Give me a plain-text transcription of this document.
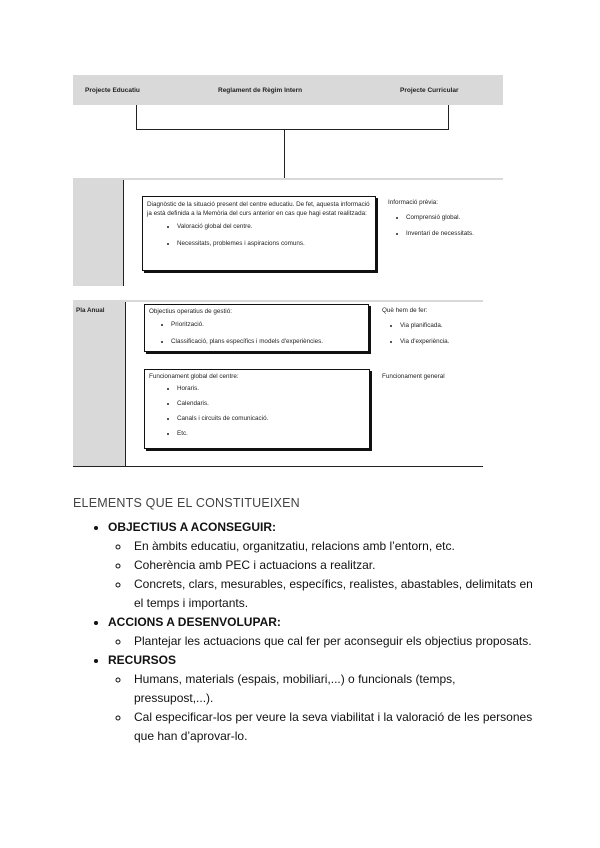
Projecte Educatiu	Reglament de Règim Intern	Projecte Curricular
Diagnòstic de la situació present del centre educatiu. De fet, aquesta informació ja està definida a la Memòria del curs anterior en cas que hagi estat realitzada:
• Valoració global del centre.
• Necessitats, problemes i aspiracions comuns.
Informació prèvia:
• Comprensió global.
• Inventari de necessitats.
Pla Anual	Objectius operatius de gestió:
• Priorització.
• Classificació, plans específics i models d'experiències.
Què hem de fer:
• Via planificada.
• Via d'experiència.
Funcionament global del centre:
• Horaris.
• Calendaris.
• Canals i circuits de comunicació.
• Etc.
Funcionament general
ELEMENTS QUE EL CONSTITUEIXEN
• OBJECTIUS A ACONSEGUIR:
◦ En àmbits educatiu, organitzatiu, relacions amb l’entorn, etc.
◦ Coherència amb PEC i actuacions a realitzar.
◦ Concrets, clars, mesurables, específics, realistes, abastables, delimitats en el temps i importants.
• ACCIONS A DESENVOLUPAR:
◦ Plantejar les actuacions que cal fer per aconseguir els objectius proposats.
• RECURSOS
◦ Humans, materials (espais, mobiliari,...) o funcionals (temps, pressupost,...).
◦ Cal especificar-los per veure la seva viabilitat i la valoració de les persones que han d’aprovar-lo.
